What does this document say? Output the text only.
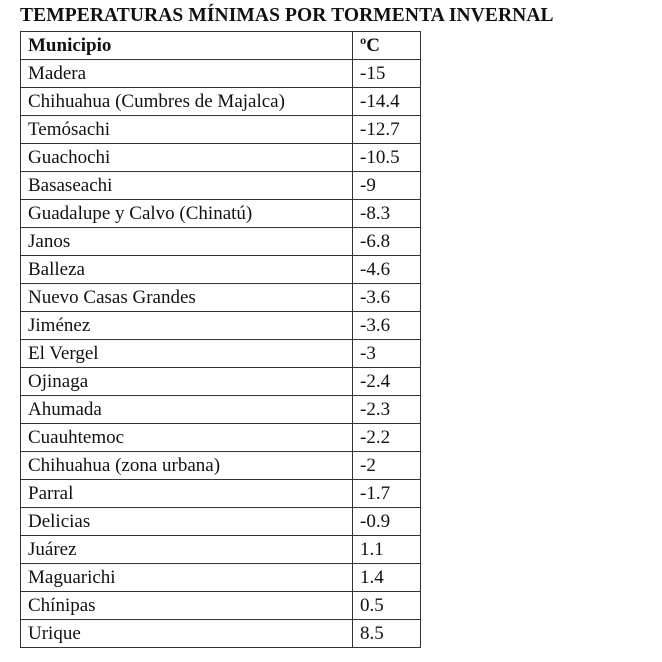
TEMPERATURAS MÍNIMAS POR TORMENTA INVERNAL
Municipio	ºC
Madera	-15
Chihuahua (Cumbres de Majalca)	-14.4
Temósachi	-12.7
Guachochi	-10.5
Basaseachi	-9
Guadalupe y Calvo (Chinatú)	-8.3
Janos	-6.8
Balleza	-4.6
Nuevo Casas Grandes	-3.6
Jiménez	-3.6
El Vergel	-3
Ojinaga	-2.4
Ahumada	-2.3
Cuauhtemoc	-2.2
Chihuahua (zona urbana)	-2
Parral	-1.7
Delicias	-0.9
Juárez	1.1
Maguarichi	1.4
Chínipas	0.5
Urique	8.5
